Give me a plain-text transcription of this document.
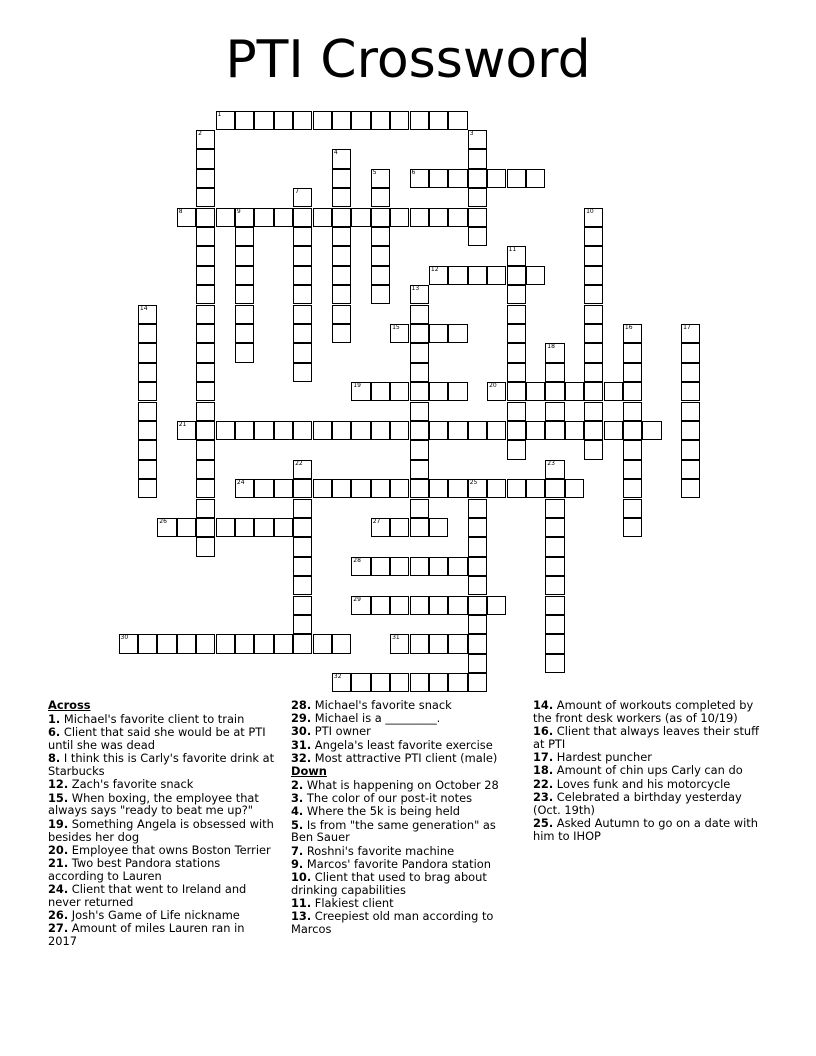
PTI Crossword
1
2	3
4
5	6
7
8	9	10
11
12
13
14
15	16	17
18
19	20
21
22	23
24	25
26	27
28
29
30	31
32
Across
1. Michael's favorite client to train
6. Client that said she would be at PTI until she was dead
8. I think this is Carly's favorite drink at Starbucks
12. Zach's favorite snack
15. When boxing, the employee that always says "ready to beat me up?"
19. Something Angela is obsessed with besides her dog
20. Employee that owns Boston Terrier
21. Two best Pandora stations according to Lauren
24. Client that went to Ireland and never returned
26. Josh's Game of Life nickname
27. Amount of miles Lauren ran in 2017
28. Michael's favorite snack
29. Michael is a _________.
30. PTI owner
31. Angela's least favorite exercise
32. Most attractive PTI client (male)
Down
2. What is happening on October 28
3. The color of our post-it notes
4. Where the 5k is being held
5. Is from "the same generation" as Ben Sauer
7. Roshni's favorite machine
9. Marcos' favorite Pandora station
10. Client that used to brag about drinking capabilities
11. Flakiest client
13. Creepiest old man according to Marcos
14. Amount of workouts completed by the front desk workers (as of 10/19)
16. Client that always leaves their stuff at PTI
17. Hardest puncher
18. Amount of chin ups Carly can do
22. Loves funk and his motorcycle
23. Celebrated a birthday yesterday (Oct. 19th)
25. Asked Autumn to go on a date with him to IHOP
